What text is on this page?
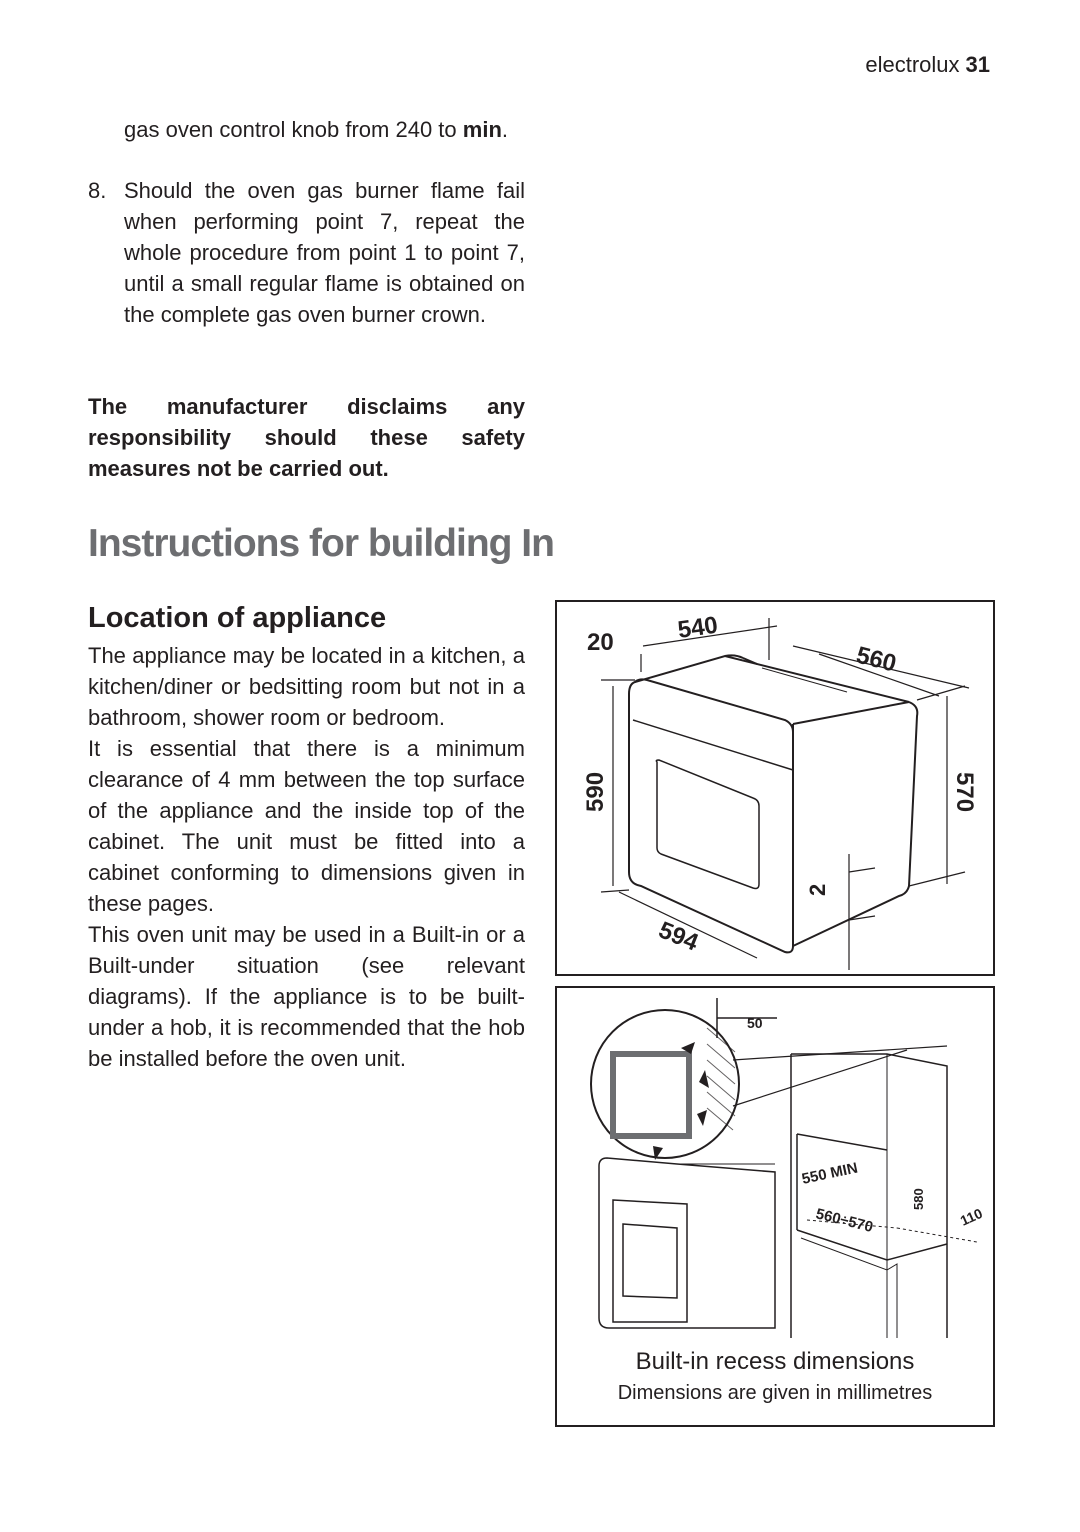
electrolux 31
gas oven control knob from 240 to min.
8. Should the oven gas burner flame fail when performing point 7, repeat the whole procedure from point 1 to point 7, until a small regular flame is obtained on the complete gas oven burner crown.
The manufacturer disclaims any responsibility should these safety measures not be carried out.
Instructions for building In
Location of appliance

The appliance may be located in a kitchen, a kitchen/diner or bedsitting room but not in a bathroom, shower room or bedroom.

It is essential that there is a minimum clearance of 4 mm between the top surface of the appliance and the inside top of the cabinet. The unit must be fitted into a cabinet conforming to dimensions given in these pages.

This oven unit may be used in a Built-in or a Built-under situation (see relevant diagrams). If the appliance is to be built-under a hob, it is recommended that the hob be installed before the oven unit.

20	540
560
590	570
594
2
50
550 MIN
560÷570
580
110
Built-in recess dimensions
Dimensions are given in millimetres
